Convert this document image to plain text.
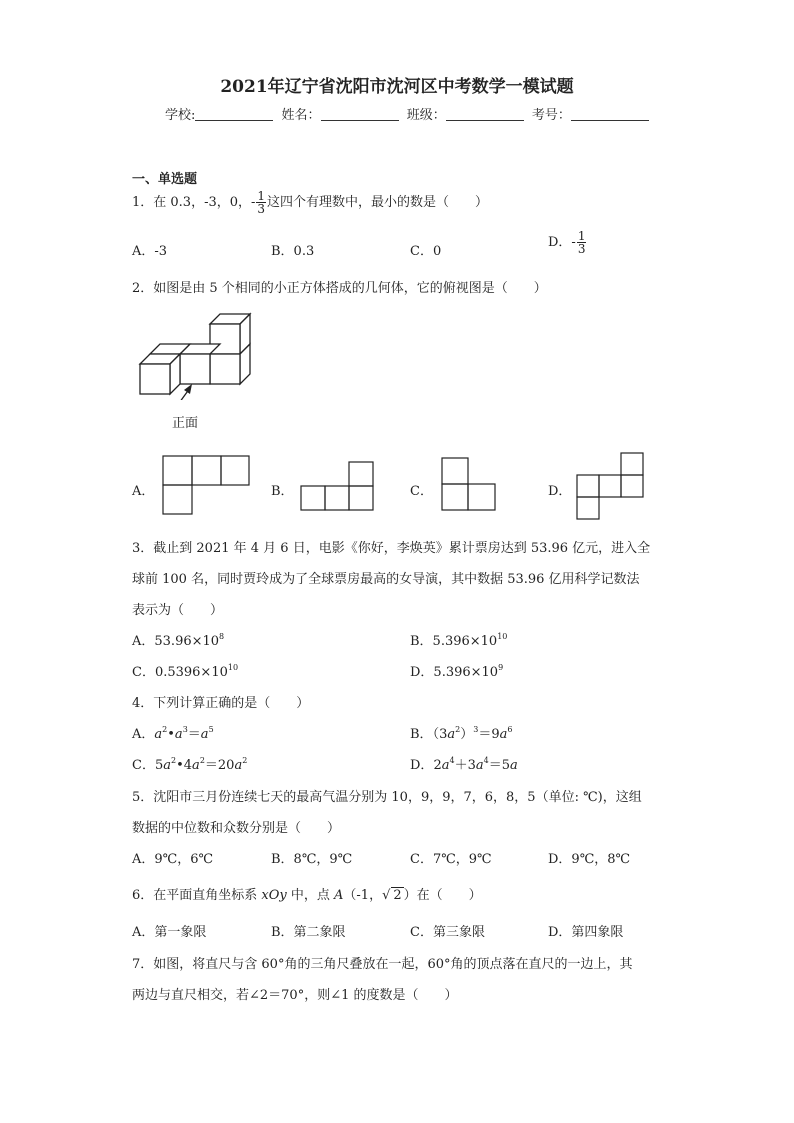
2021年辽宁省沈阳市沈河区中考数学一模试题
学校:	姓名：	班级：	考号：
一、单选题
1．在 0.3，-3，0，- $\frac{1}{3}$ 这四个有理数中，最小的数是（　　）
A．-3	B．0.3	C．0
D．- $\frac{1}{3}$
2．如图是由 5 个相同的小正方体搭成的几何体，它的俯视图是（　　）
正面
A．	B．	C．	D．
3．截止到 2021 年 4 月 6 日，电影《你好，李焕英》累计票房达到 53.96 亿元，进入全
球前 100 名，同时贾玲成为了全球票房最高的女导演，其中数据 53.96 亿用科学记数法
表示为（　　）
A．$53.96\times 10^8$	B．$5.396\times 10^{10}$
C．$0.5396\times 10^{10}$	D．$5.396\times 10^9$
4．下列计算正确的是（　　）
A．$a^2•a^3=a^5$	B．$(3a^2)^3=9a^6$
C．$5a^2•4a^2=20a^2$	D．$2a^4+3a^4=5a$
5．沈阳市三月份连续七天的最高气温分别为 10，9，9，7，6，8，5（单位: ℃)，这组
数据的中位数和众数分别是（　　）
A．9℃，6℃	B．8℃，9℃	C．7℃，9℃	D．9℃，8℃
6．在平面直角坐标系 xOy 中，点 A（-1，√ 2 ）在（　　）
A．第一象限	B．第二象限	C．第三象限	D．第四象限
7．如图，将直尺与含 60°角的三角尺叠放在一起，60°角的顶点落在直尺的一边上，其
两边与直尺相交，若∠2＝70°，则∠1 的度数是（　　）
